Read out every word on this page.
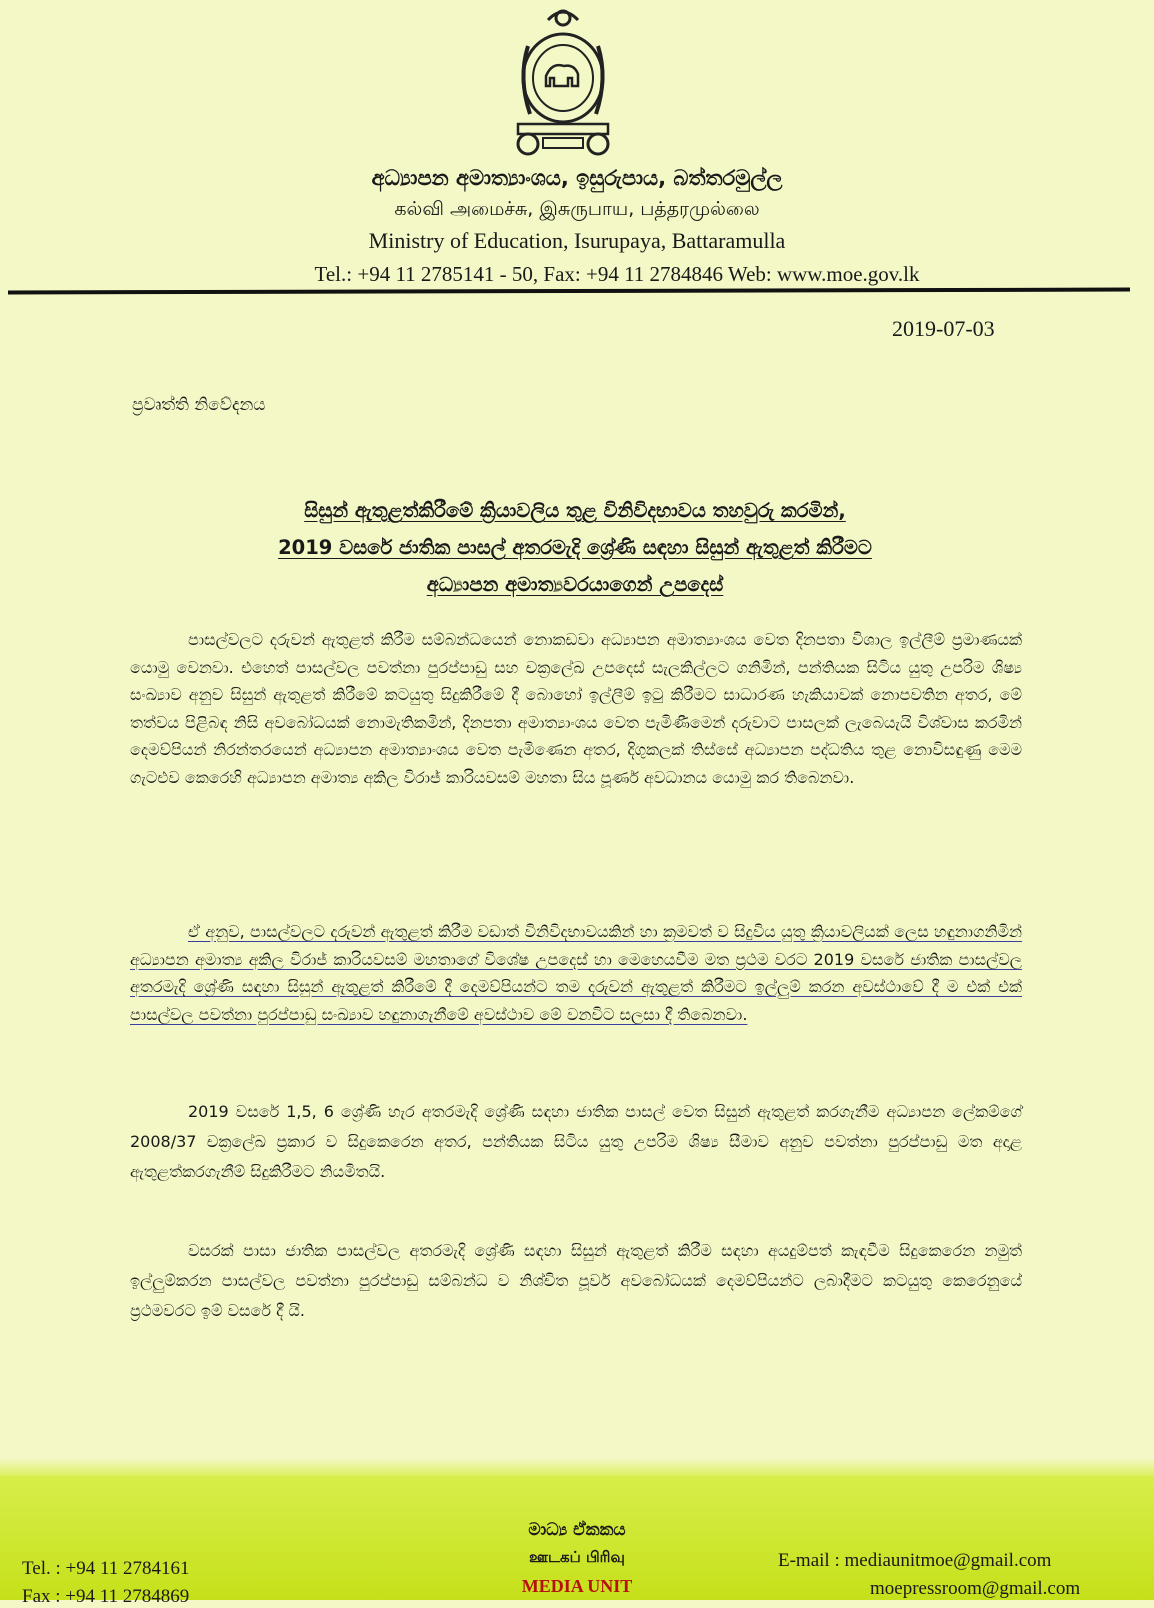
අධ්‍යාපන අමාත්‍යාංශය, ඉසුරුපාය, බත්තරමුල්ල
கல்வி அமைச்சு, இசுருபாய, பத்தரமுல்லை
Ministry of Education, Isurupaya, Battaramulla
Tel.: +94 11 2785141 - 50, Fax: +94 11 2784846 Web: www.moe.gov.lk
2019-07-03
ප්‍රවෘත්ති නිවේදනය
සිසුන් ඇතුළත්කිරීමේ ක්‍රියාවලිය තුළ විනිවිදභාවය තහවුරු කරමින්,
2019 වසරේ ජාතික පාසල් අතරමැදි ශ්‍රේණි සඳහා සිසුන් ඇතුළත් කිරීමට
අධ්‍යාපන අමාත්‍යවරයාගෙන් උපදෙස්
පාසල්වලට දරුවන් ඇතුළත් කිරීම සම්බන්ධයෙන් නොකඩවා අධ්‍යාපන අමාත්‍යාංශය වෙත දිනපතා විශාල ඉල්ලීම් ප්‍රමාණයක් යොමු වෙනවා. එහෙත් පාසල්වල පවත්නා පුරප්පාඩු සහ චක්‍රලේඛ උපදෙස් සැලකිල්ලට ගනිමින්, පන්තියක සිටිය යුතු උපරිම ශිෂ්‍ය සංඛ්‍යාව අනුව සිසුන් ඇතුළත් කිරීමේ කටයුතු සිදුකිරීමේ දී බොහෝ ඉල්ලීම් ඉටු කිරීමට සාධාරණ හැකියාවක් නොපවතින අතර, මේ තත්වය පිළිබඳ නිසි අවබෝධයක් නොමැතිකමින්, දිනපතා අමාත්‍යාංශය වෙත පැමිණීමෙන් දරුවාට පාසලක් ලැබෙයැයි විශ්වාස කරමින් දෙමව්පියන් නිරන්තරයෙන් අධ්‍යාපන අමාත්‍යාංශය වෙත පැමිණෙන අතර, දිගුකලක් තිස්සේ අධ්‍යාපන පද්ධතිය තුළ නොවිසඳුණු මෙම ගැටළුව කෙරෙහි අධ්‍යාපන අමාත්‍ය අකිල විරාජ් කාරියවසම් මහතා සිය පූර්ණ අවධානය යොමු කර තිබෙනවා.
ඒ අනුව, පාසල්වලට දරුවන් ඇතුළත් කිරීම වඩාත් විනිවිදභාවයකින් හා ක්‍රමවත් ව සිදුවිය යුතු ක්‍රියාවලියක් ලෙස හඳුනාගනිමින් අධ්‍යාපන අමාත්‍ය අකිල විරාජ් කාරියවසම් මහතාගේ විශේෂ උපදෙස් හා මෙහෙයවීම මත ප්‍රථම වරට 2019 වසරේ ජාතික පාසල්වල අතරමැදි ශ්‍රේණි සඳහා සිසුන් ඇතුළත් කිරීමේ දී දෙමව්පියන්ට තම දරුවන් ඇතුළත් කිරීමට ඉල්ලුම් කරන අවස්ථාවේ දී ම එක් එක් පාසල්වල පවත්නා පුරප්පාඩු සංඛ්‍යාව හඳුනාගැනීමේ අවස්ථාව මේ වනවිට සලසා දී තිබෙනවා.
2019 වසරේ 1,5, 6 ශ්‍රේණි හැර අතරමැදි ශ්‍රේණි සඳහා ජාතික පාසල් වෙත සිසුන් ඇතුළත් කරගැනීම අධ්‍යාපන ලේකම්ගේ 2008/37 චක්‍රලේඛ ප්‍රකාර ව සිදුකෙරෙන අතර, පන්තියක සිටිය යුතු උපරිම ශිෂ්‍ය සීමාව අනුව පවත්නා පුරප්පාඩු මත අදාළ ඇතුළත්කරගැනීම් සිදුකිරීමට නියමිතයි.
වසරක් පාසා ජාතික පාසල්වල අතරමැදි ශ්‍රේණි සඳහා සිසුන් ඇතුළත් කිරීම සඳහා අයදුම්පත් කැඳවීම සිදුකෙරෙන නමුත් ඉල්ලුම්කරන පාසල්වල පවත්නා පුරප්පාඩු සම්බන්ධ ව නිශ්චිත පූර්ව අවබෝධයක් දෙමව්පියන්ට ලබාදීමට කටයුතු කෙරෙනුයේ ප්‍රථමවරට ඉම් වසරේ දී යි.
මාධ්‍ය ඒකකය
ஊடகப் பிரிவு
MEDIA UNIT
Tel. : +94 11 2784161
Fax : +94 11 2784869
E-mail : mediaunitmoe@gmail.com
moepressroom@gmail.com
